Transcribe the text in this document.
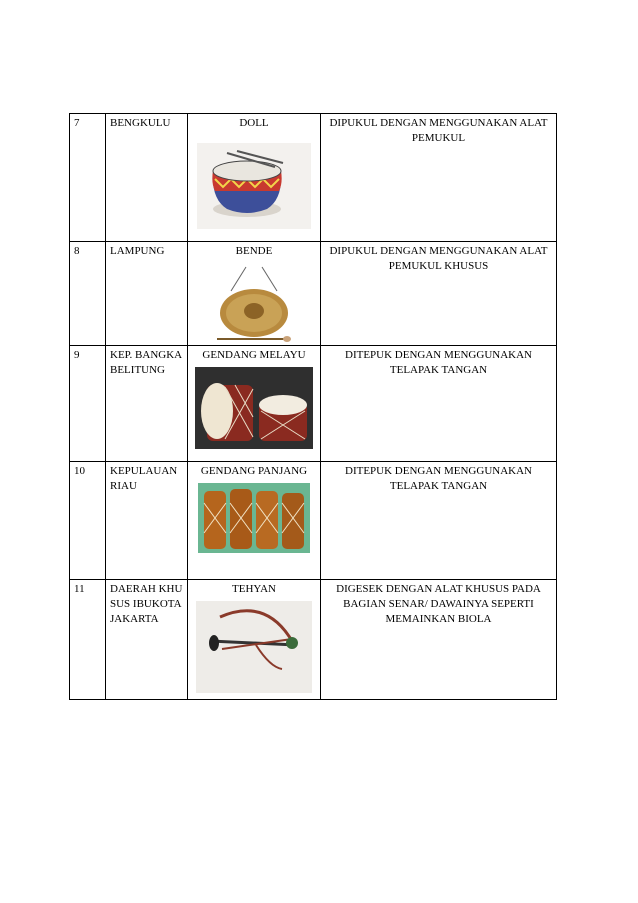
7	BENGKULU	DOLL	DIPUKUL DENGAN MENGGUNAKAN ALAT PEMUKUL
8	LAMPUNG	BENDE	DIPUKUL DENGAN MENGGUNAKAN ALAT PEMUKUL KHUSUS
9	KEP. BANGKA BELITUNG	GENDANG MELAYU	DITEPUK DENGAN MENGGUNAKAN TELAPAK TANGAN
10	KEPULAUAN RIAU	GENDANG PANJANG	DITEPUK DENGAN MENGGUNAKAN TELAPAK TANGAN
11	DAERAH KHUSUS IBUKOTA JAKARTA	TEHYAN	DIGESEK DENGAN ALAT KHUSUS PADA BAGIAN SENAR/ DAWAINYA SEPERTI MEMAINKAN BIOLA
